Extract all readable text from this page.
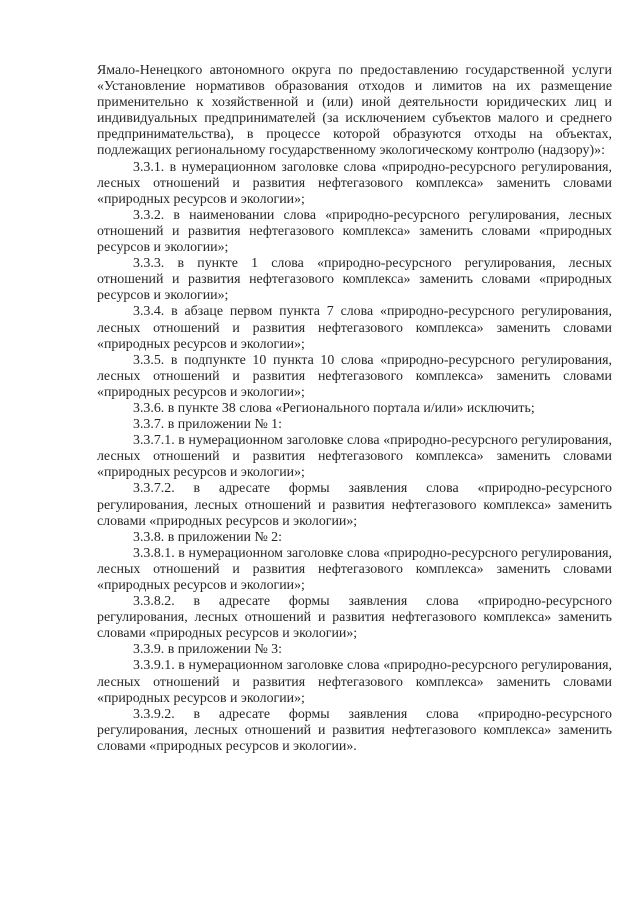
Ямало-Ненецкого автономного округа по предоставлению государственной услуги «Установление нормативов образования отходов и лимитов на их размещение применительно к хозяйственной и (или) иной деятельности юридических лиц и индивидуальных предпринимателей (за исключением субъектов малого и среднего предпринимательства), в процессе которой образуются отходы на объектах, подлежащих региональному государственному экологическому контролю (надзору)»:

3.3.1. в нумерационном заголовке слова «природно-ресурсного регулирования, лесных отношений и развития нефтегазового комплекса» заменить словами «природных ресурсов и экологии»;

3.3.2. в наименовании слова «природно-ресурсного регулирования, лесных отношений и развития нефтегазового комплекса» заменить словами «природных ресурсов и экологии»;

3.3.3. в пункте 1 слова «природно-ресурсного регулирования, лесных отношений и развития нефтегазового комплекса» заменить словами «природных ресурсов и экологии»;

3.3.4. в абзаце первом пункта 7 слова «природно-ресурсного регулирования, лесных отношений и развития нефтегазового комплекса» заменить словами «природных ресурсов и экологии»;

3.3.5. в подпункте 10 пункта 10 слова «природно-ресурсного регулирования, лесных отношений и развития нефтегазового комплекса» заменить словами «природных ресурсов и экологии»;

3.3.6. в пункте 38 слова «Регионального портала и/или» исключить;

3.3.7. в приложении № 1:

3.3.7.1. в нумерационном заголовке слова «природно-ресурсного регулирования, лесных отношений и развития нефтегазового комплекса» заменить словами «природных ресурсов и экологии»;

3.3.7.2. в адресате формы заявления слова «природно-ресурсного регулирования, лесных отношений и развития нефтегазового комплекса» заменить словами «природных ресурсов и экологии»;

3.3.8. в приложении № 2:

3.3.8.1. в нумерационном заголовке слова «природно-ресурсного регулирования, лесных отношений и развития нефтегазового комплекса» заменить словами «природных ресурсов и экологии»;

3.3.8.2. в адресате формы заявления слова «природно-ресурсного регулирования, лесных отношений и развития нефтегазового комплекса» заменить словами «природных ресурсов и экологии»;

3.3.9. в приложении № 3:

3.3.9.1. в нумерационном заголовке слова «природно-ресурсного регулирования, лесных отношений и развития нефтегазового комплекса» заменить словами «природных ресурсов и экологии»;

3.3.9.2. в адресате формы заявления слова «природно-ресурсного регулирования, лесных отношений и развития нефтегазового комплекса» заменить словами «природных ресурсов и экологии».
